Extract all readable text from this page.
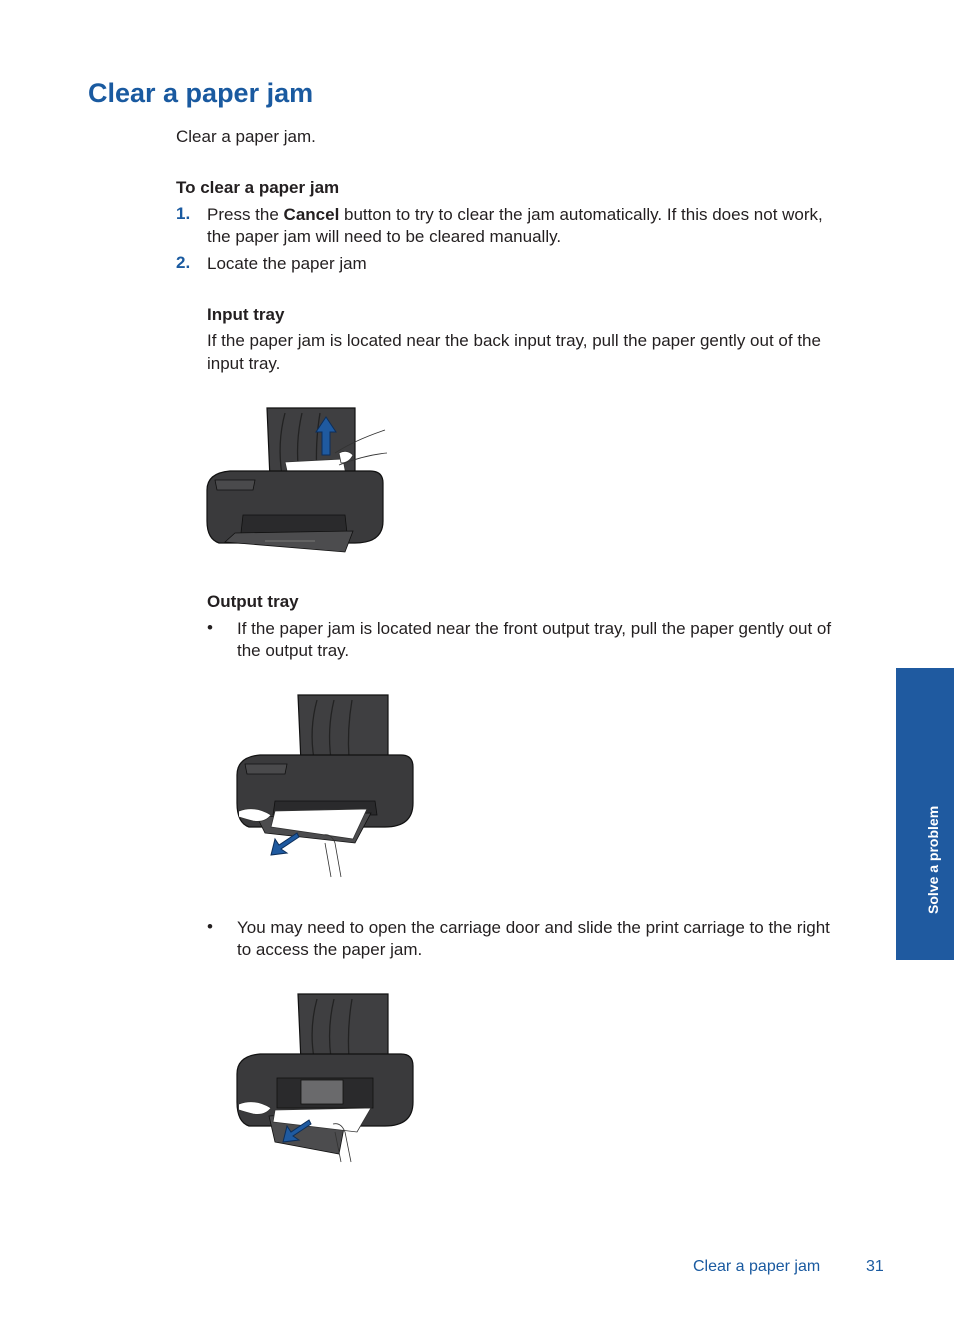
Clear a paper jam

Clear a paper jam.

To clear a paper jam

1. Press the Cancel button to try to clear the jam automatically. If this does not work,

the paper jam will need to be cleared manually.

2. Locate the paper jam

Input tray

If the paper jam is located near the back input tray, pull the paper gently out of the

input tray.

Output tray

• If the paper jam is located near the front output tray, pull the paper gently out of

the output tray.

• You may need to open the carriage door and slide the print carriage to the right

to access the paper jam.

Solve a problem
Clear a paper jam	31
